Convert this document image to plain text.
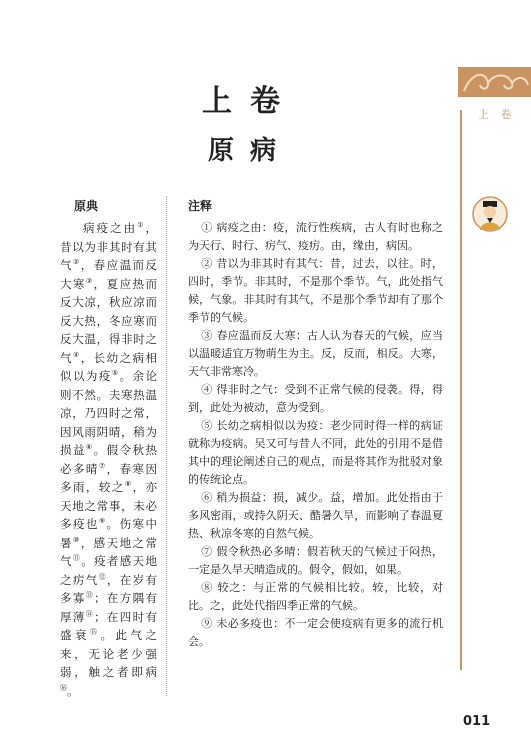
上 卷
上卷
原病
原典	注释

病疫之由①，昔以为非其时有其气②，春应温而反大寒③，夏应热而反大凉，秋应凉而反大热，冬应寒而反大温，得非时之气④，长幼之病相似以为疫⑤。余论则不然。夫寒热温凉，乃四时之常，因风雨阴晴，稍为损益⑥。假令秋热必多晴⑦，春寒因多雨，较之⑧，亦天地之常事，未必多疫也⑨。伤寒中暑⑩，感天地之常气⑪。疫者感天地之疠气⑫，在岁有多寡⑬；在方隅有厚薄⑭；在四时有盛衰⑮。此气之来，无论老少强弱，触之者即病⑯。

① 病疫之由：疫，流行性疾病，古人有时也称之为天行、时行、疠气、疫疠。由，缘由，病因。

② 昔以为非其时有其气：昔，过去，以往。时，四时，季节。非其时，不是那个季节。气，此处指气候，气象。非其时有其气，不是那个季节却有了那个季节的气候。

③ 春应温而反大寒：古人认为春天的气候，应当以温暖适宜万物萌生为主。反，反而，相反。大寒，天气非常寒冷。

④ 得非时之气：受到不正常气候的侵袭。得，得到，此处为被动，意为受到。

⑤ 长幼之病相似以为疫：老少同时得一样的病证就称为疫病。吴又可与昔人不同，此处的引用不是借其中的理论阐述自己的观点，而是将其作为批驳对象的传统论点。

⑥ 稍为损益：损，减少。益，增加。此处指由于多风密雨，或持久阴天、酷暑久旱，而影响了春温夏热、秋凉冬寒的自然气候。

⑦ 假令秋热必多晴：假若秋天的气候过于闷热，一定是久旱天晴造成的。假令，假如，如果。

⑧ 较之：与正常的气候相比较。较，比较，对比。之，此处代指四季正常的气候。

⑨ 未必多疫也：不一定会使疫病有更多的流行机会。

011
